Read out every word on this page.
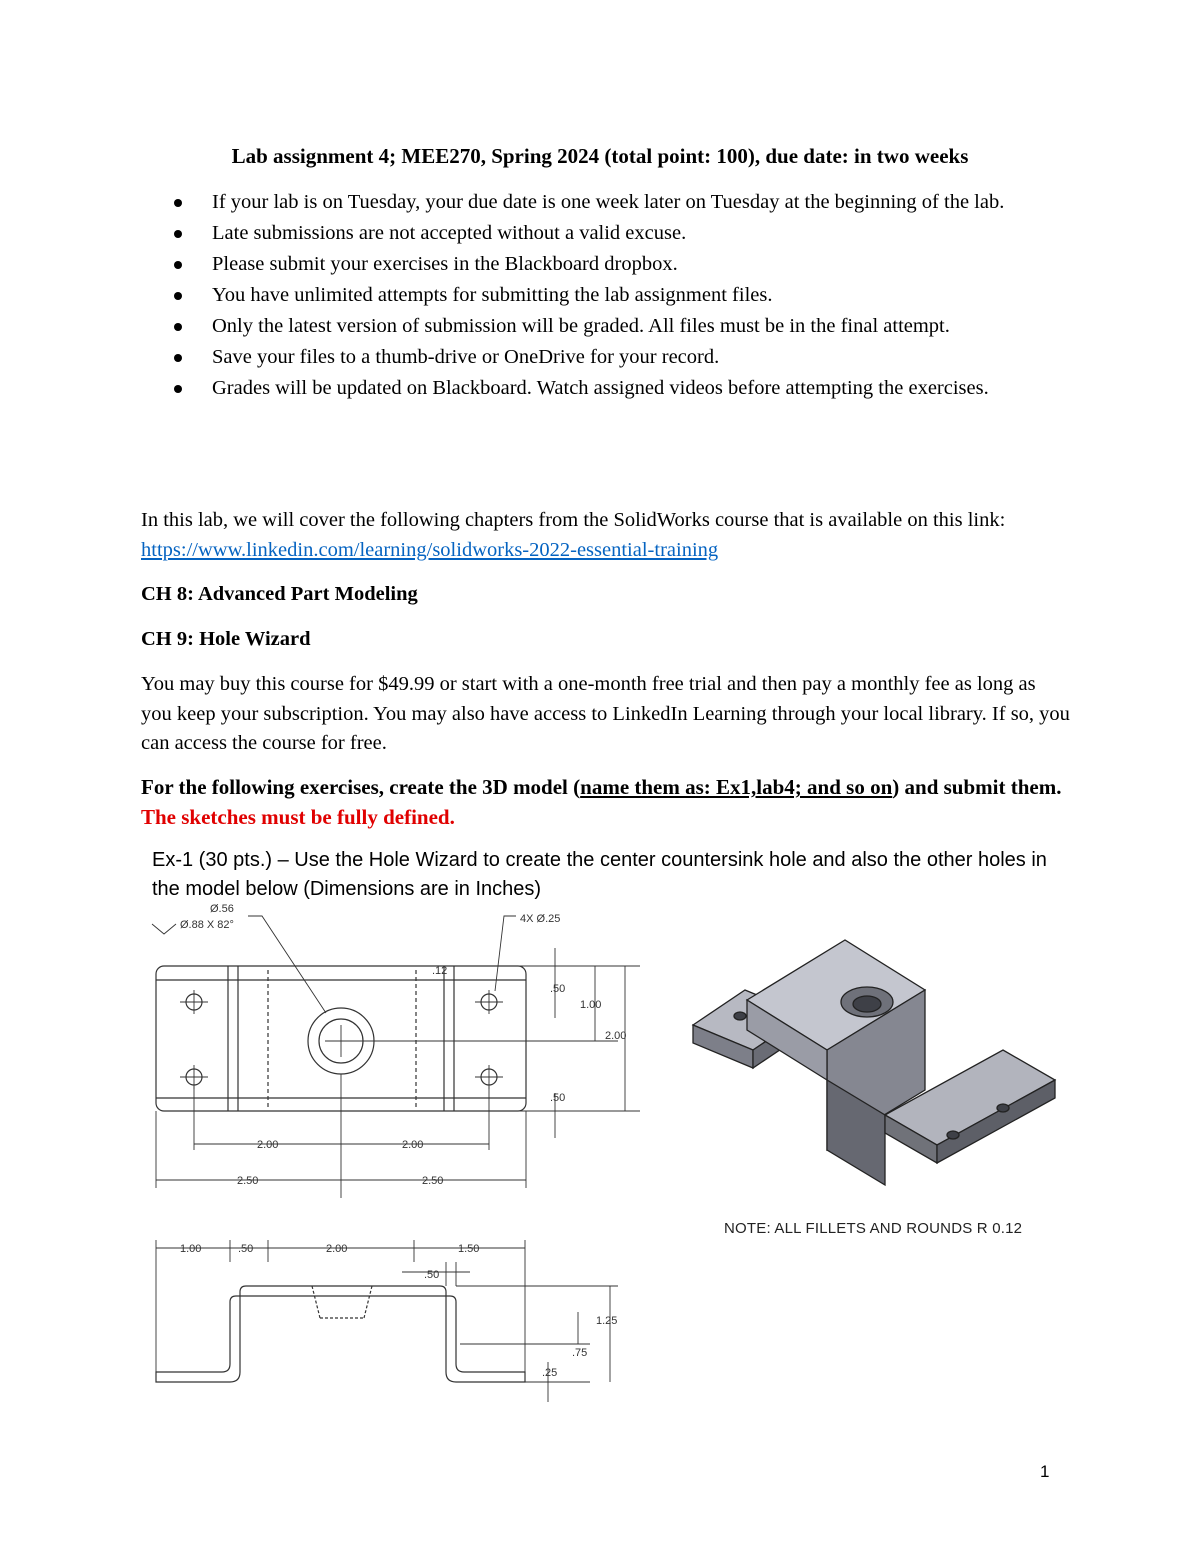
Lab assignment 4; MEE270, Spring 2024 (total point: 100), due date: in two weeks
If your lab is on Tuesday, your due date is one week later on Tuesday at the beginning of the lab.
Late submissions are not accepted without a valid excuse.
Please submit your exercises in the Blackboard dropbox.
You have unlimited attempts for submitting the lab assignment files.
Only the latest version of submission will be graded. All files must be in the final attempt.
Save your files to a thumb-drive or OneDrive for your record.
Grades will be updated on Blackboard. Watch assigned videos before attempting the exercises.
In this lab, we will cover the following chapters from the SolidWorks course that is available on this link: https://www.linkedin.com/learning/solidworks-2022-essential-training
CH 8: Advanced Part Modeling
CH 9: Hole Wizard
You may buy this course for $49.99 or start with a one-month free trial and then pay a monthly fee as long as you keep your subscription. You may also have access to LinkedIn Learning through your local library. If so, you can access the course for free.
For the following exercises, create the 3D model (name them as: Ex1,lab4; and so on) and submit them. The sketches must be fully defined.
Ex-1 (30 pts.) – Use the Hole Wizard to create the center countersink hole and also the other holes in the model below (Dimensions are in Inches)
Ø.56
Ø.88 X 82°	4X Ø.25
.12
.50
1.00
2.00
.50
2.00	2.00
2.50	2.50
NOTE: ALL FILLETS AND ROUNDS R 0.12
1.00	.50	2.00	1.50
.50
1.25
.75
.25
1
